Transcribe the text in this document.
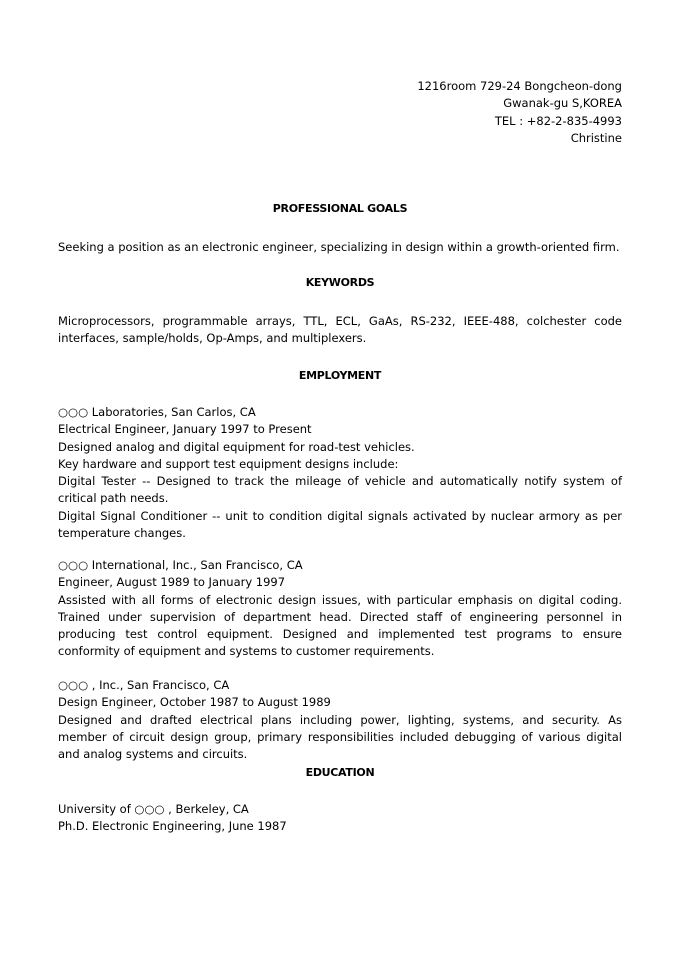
1216room 729-24 Bongcheon-dong
Gwanak-gu S,KOREA
TEL : +82-2-835-4993
Christine
PROFESSIONAL GOALS
Seeking a position as an electronic engineer, specializing in design within a growth-oriented firm.
KEYWORDS
Microprocessors, programmable arrays, TTL, ECL, GaAs, RS-232, IEEE-488, colchester code interfaces, sample/holds, Op-Amps, and multiplexers.
EMPLOYMENT
○○○ Laboratories, San Carlos, CA
Electrical Engineer, January 1997 to Present
Designed analog and digital equipment for road-test vehicles.
Key hardware and support test equipment designs include:
Digital Tester -- Designed to track the mileage of vehicle and automatically notify system of critical path needs.
Digital Signal Conditioner -- unit to condition digital signals activated by nuclear armory as per temperature changes.
○○○ International, Inc., San Francisco, CA
Engineer, August 1989 to January 1997
Assisted with all forms of electronic design issues, with particular emphasis on digital coding. Trained under supervision of department head. Directed staff of engineering personnel in producing test control equipment. Designed and implemented test programs to ensure conformity of equipment and systems to customer requirements.
○○○ , Inc., San Francisco, CA
Design Engineer, October 1987 to August 1989
Designed and drafted electrical plans including power, lighting, systems, and security. As member of circuit design group, primary responsibilities included debugging of various digital and analog systems and circuits.
EDUCATION
University of ○○○ , Berkeley, CA
Ph.D. Electronic Engineering, June 1987
